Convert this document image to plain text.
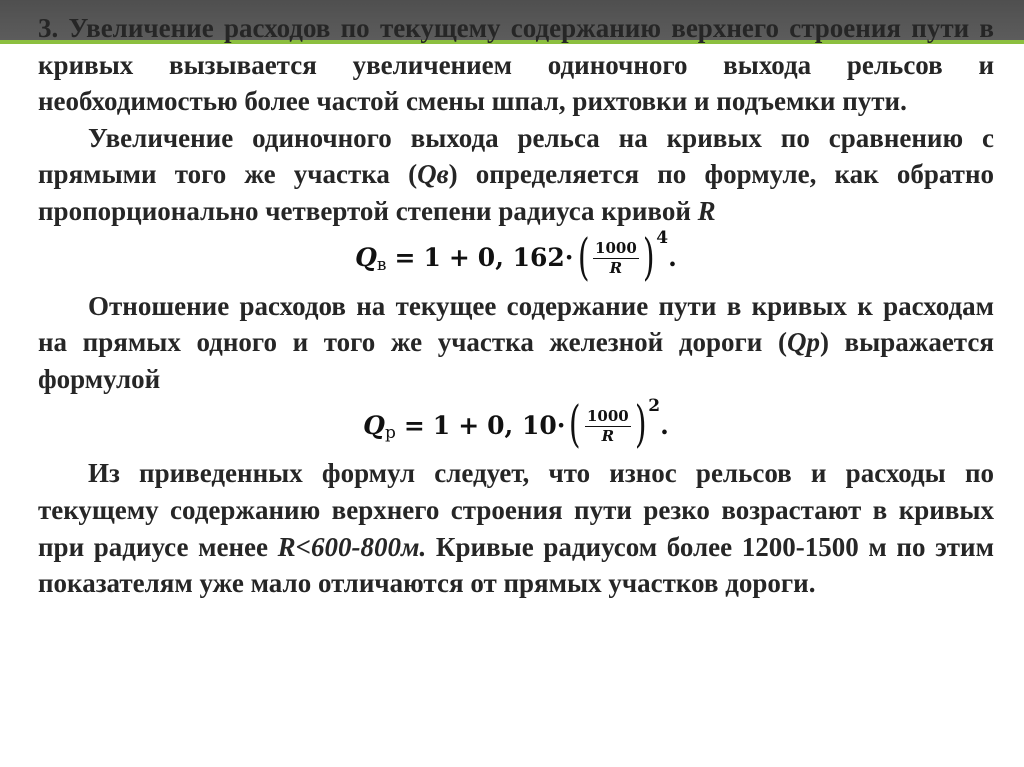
3. Увеличение расходов по текущему содержанию верхнего строения пути в кривых вызывается увеличением одиночного выхода рельсов и необходимостью более частой смены шпал, рихтовки и подъемки пути.

Увеличение одиночного выхода рельса на кривых по сравнению с прямыми того же участка (Qв) определяется по формуле, как обратно пропорционально четвертой степени радиуса кривой R

Q в = 1 + 0, 162 · ( $\frac{1000}{R}$ ) 4
.

Отношение расходов на текущее содержание пути в кривых к расходам на прямых одного и того же участка железной дороги (Qр) выражается формулой

Q р = 1 + 0, 10 · ( $\frac{1000}{R}$ ) 2
.

Из приведенных формул следует, что износ рельсов и расходы по текущему содержанию верхнего строения пути резко возрастают в кривых при радиусе менее R<600-800м. Кривые радиусом более 1200-1500 м по этим показателям уже мало отличаются от прямых участков дороги.
